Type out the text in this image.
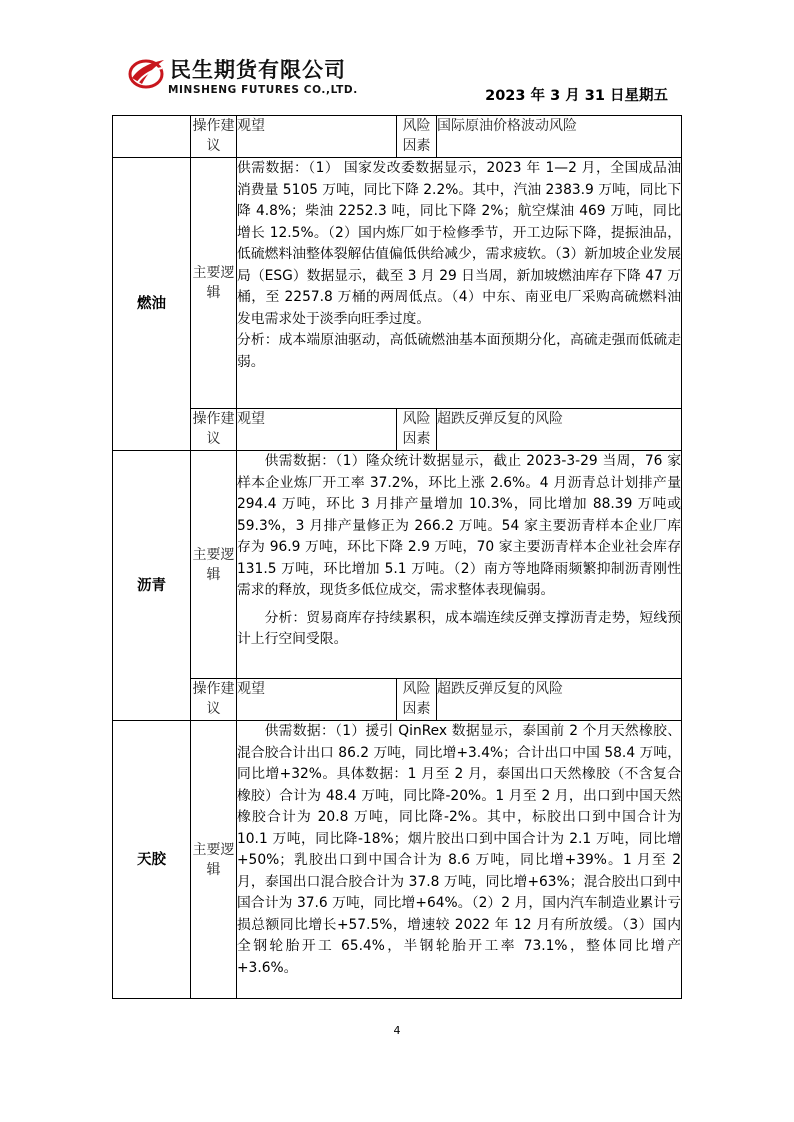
民生期货有限公司
MINSHENG FUTURES CO.,LTD.	2023 年 3 月 31 日星期五
	操作建议	观望	风险因素	国际原油价格波动风险
燃油	主要逻辑	供需数据：（1） 国家发改委数据显示，2023 年 1—2 月，全国成品油消费量 5105 万吨，同比下降 2.2%。其中，汽油 2383.9 万吨，同比下降 4.8%；柴油 2252.3 吨，同比下降 2%；航空煤油 469 万吨，同比增长 12.5%。（2）国内炼厂如于检修季节，开工边际下降，提振油品，低硫燃料油整体裂解估值偏低供给减少，需求疲软。（3）新加坡企业发展局（ESG）数据显示，截至 3 月 29 日当周，新加坡燃油库存下降 47 万桶，至 2257.8 万桶的两周低点。（4）中东、南亚电厂采购高硫燃料油发电需求处于淡季向旺季过度。

分析：成本端原油驱动，高低硫燃油基本面预期分化，高硫走强而低硫走弱。		

	操作建议	观望	风险因素	超跌反弹反复的风险
沥青	主要逻辑	供需数据：（1）隆众统计数据显示，截止 2023-3-29 当周，76 家样本企业炼厂开工率 37.2%，环比上涨 2.6%。4 月沥青总计划排产量 294.4 万吨，环比 3 月排产量增加 10.3%，同比增加 88.39 万吨或 59.3%，3 月排产量修正为 266.2 万吨。54 家主要沥青样本企业厂库存为 96.9 万吨，环比下降 2.9 万吨，70 家主要沥青样本企业社会库存 131.5 万吨，环比增加 5.1 万吨。（2）南方等地降雨频繁抑制沥青刚性需求的释放，现货多低位成交，需求整体表现偏弱。

分析：贸易商库存持续累积，成本端连续反弹支撑沥青走势，短线预计上行空间受限。		

	操作建议	观望	风险因素	超跌反弹反复的风险
天胶	主要逻辑	供需数据：（1）援引 QinRex 数据显示，泰国前 2 个月天然橡胶、混合胶合计出口 86.2 万吨，同比增+3.4%；合计出口中国 58.4 万吨，同比增+32%。具体数据：1 月至 2 月，泰国出口天然橡胶（不含复合橡胶）合计为 48.4 万吨，同比降-20%。1 月至 2 月，出口到中国天然橡胶合计为 20.8 万吨，同比降-2%。其中，标胶出口到中国合计为 10.1 万吨，同比降-18%；烟片胶出口到中国合计为 2.1 万吨，同比增+50%；乳胶出口到中国合计为 8.6 万吨，同比增+39%。1 月至 2 月，泰国出口混合胶合计为 37.8 万吨，同比增+63%；混合胶出口到中国合计为 37.6 万吨，同比增+64%。（2）2 月，国内汽车制造业累计亏损总额同比增长+57.5%，增速较 2022 年 12 月有所放缓。（3）国内全钢轮胎开工 65.4%，半钢轮胎开工率 73.1%，整体同比增产+3.6%。		

4
